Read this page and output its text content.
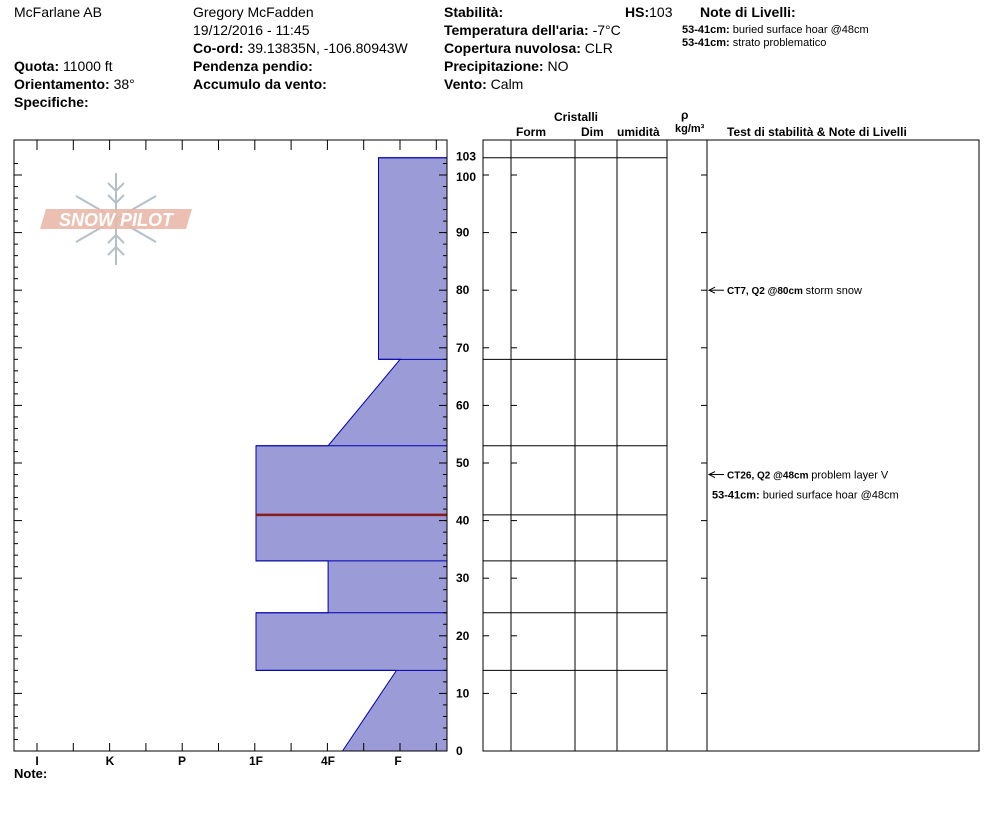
McFarlane AB	Gregory McFadden
19/12/2016 - 11:45
Co-ord: 39.13835N, -106.80943W
Quota: 11000 ft
Orientamento: 38°
Specifiche:
Pendenza pendio:
Accumulo da vento:
Stabilità:	HS:103
Temperatura dell'aria: -7°C
Copertura nuvolosa: CLR
Precipitazione: NO
Vento: Calm
Note di Livelli:
53-41cm: buried surface hoar @48cm
53-41cm: strato problematico
Cristalli
Form	Dim umidità
ρ
kg/m³ Test di stabilità & Note di Livelli
SNOW PILOT
0
10
20
30
40
50
60
70
80
90
100
103
I	K	P	1F	4F	F
CT7, Q2 @80cm storm snow
CT26, Q2 @48cm problem layer V
53-41cm: buried surface hoar @48cm
Note:
